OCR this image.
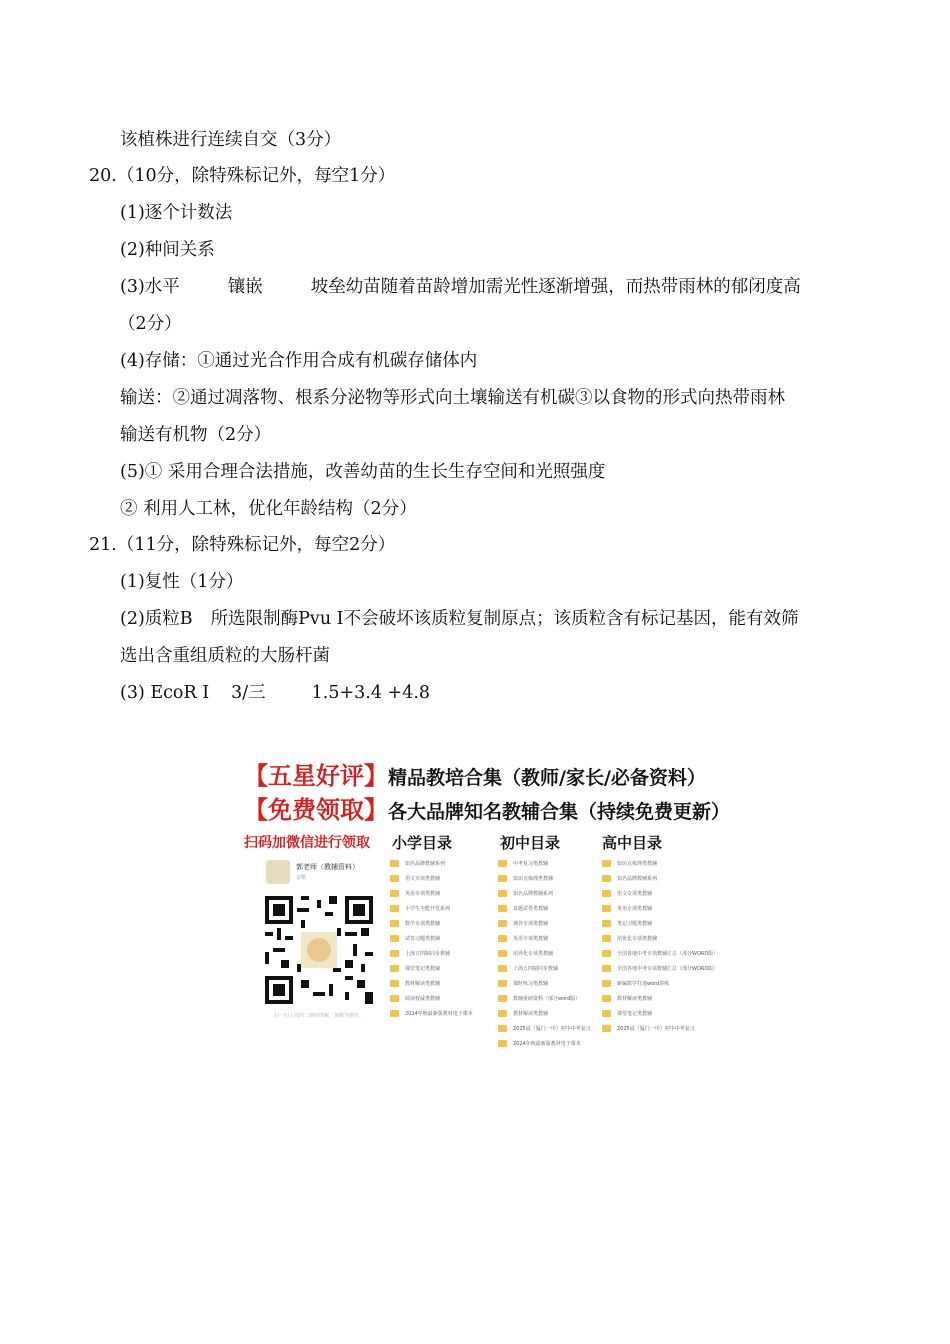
该植株进行连续自交（3分）
20.（10分，除特殊标记外，每空1分）
(1)逐个计数法
(2)种间关系
(3)水平	镶嵌	坡垒幼苗随着苗龄增加需光性逐渐增强，而热带雨林的郁闭度高
（2分）
(4)存储：①通过光合作用合成有机碳存储体内
输送：②通过凋落物、根系分泌物等形式向土壤输送有机碳③以食物的形式向热带雨林
输送有机物（2分）
(5)① 采用合理合法措施，改善幼苗的生长生存空间和光照强度
② 利用人工林，优化年龄结构（2分）
21.（11分，除特殊标记外，每空2分）
(1)复性（1分）
(2)质粒B 所选限制酶Pvu I不会破坏该质粒复制原点；该质粒含有标记基因，能有效筛
选出含重组质粒的大肠杆菌
(3) EcoR I 3/三	1.5+3.4 +4.8
【五星好评】精品教培合集（教师/家长/必备资料）
【免费领取】各大品牌知名教辅合集（持续免费更新）
扫码加微信进行领取
郭老师（教辅资料）
安徽
扫一扫上面的二维码图案，加我为朋友。
小学目录
知名品牌教辅系列
语文专项类教辅
英语专项类教辅
小学生全能开发系列
数学专项类教辅
试卷习题类教辅
上海五四制同步教辅
课堂笔记类教辅
教材解读类教辅
阅读权威类教辅
2024年秋最新版教材电子课本
初中目录
中考复习类教辅
知识点梳理类教辅
知名品牌教辅系列
真题试卷类教辅
课外专项类教辅
英语专项类教辅
培养化专项类教辅
上海五四制同步教辅
课时练习类教辅
教辅重磅资料（部分word版）
教材解读类教辅
2025届（厦门一中）初中中考复习
2024年秋最新版教材电子课本
高中目录
知识点梳理类教辅
知名品牌教辅系列
语文专项类教辅
英语专项类教辅
笔记习题类教辅
培优化专项类教辅
全国各地中考专项教辅汇总（部分WORD版）
全国各地中考专项教辅汇总（部分WORD版）
新编数学打通word讲练
教材解读类教辅
课堂笔记类教辅
2025届（厦门一中）初中中考复习
